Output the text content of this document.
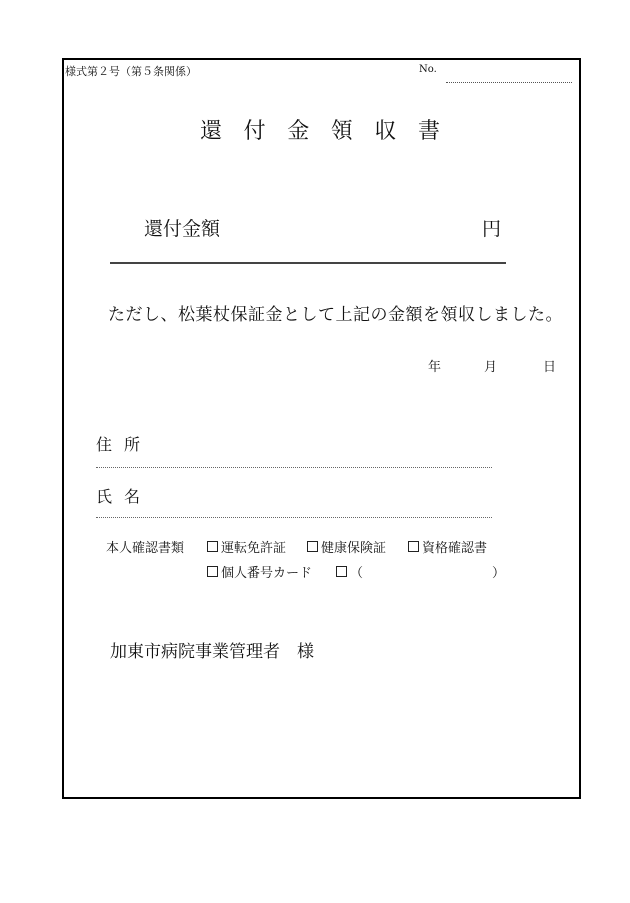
様式第２号（第５条関係）	No.
還 付 金 領 収 書
還付金額	円
ただし、松葉杖保証金として上記の金額を領収しました。
年	月	日
住所
氏名
本人確認書類	運転免許証	健康保険証	資格確認書
個人番号カード	（	）
加東市病院事業管理者　様
